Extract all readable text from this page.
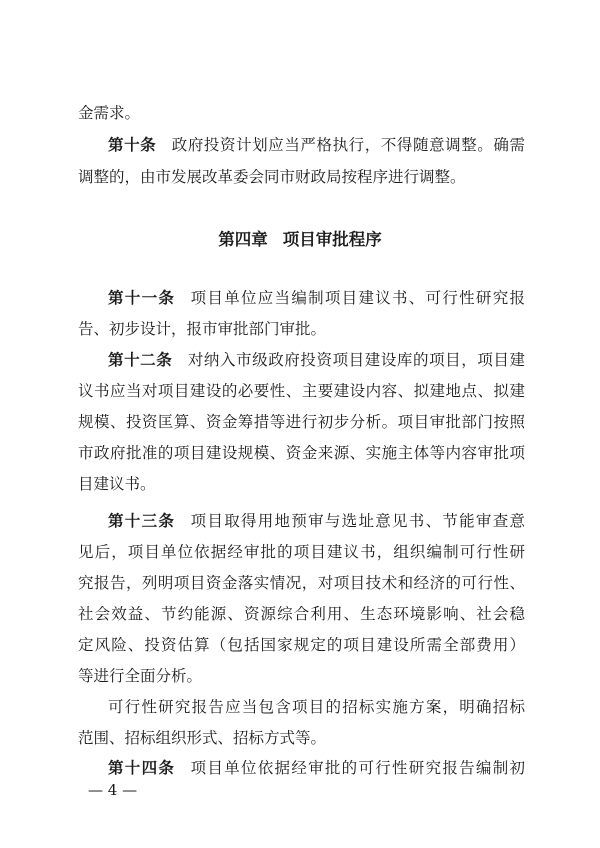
金需求。
第十条 政府投资计划应当严格执行，不得随意调整。确需
调整的，由市发展改革委会同市财政局按程序进行调整。
第四章 项目审批程序
第十一条 项目单位应当编制项目建议书、可行性研究报
告、初步设计，报市审批部门审批。
第十二条 对纳入市级政府投资项目建设库的项目，项目建
议书应当对项目建设的必要性、主要建设内容、拟建地点、拟建
规模、投资匡算、资金筹措等进行初步分析。项目审批部门按照
市政府批准的项目建设规模、资金来源、实施主体等内容审批项
目建议书。
第十三条 项目取得用地预审与选址意见书、节能审查意
见后，项目单位依据经审批的项目建议书，组织编制可行性研
究报告，列明项目资金落实情况，对项目技术和经济的可行性、
社会效益、节约能源、资源综合利用、生态环境影响、社会稳
定风险、投资估算（包括国家规定的项目建设所需全部费用）
等进行全面分析。
可行性研究报告应当包含项目的招标实施方案，明确招标
范围、招标组织形式、招标方式等。
第十四条 项目单位依据经审批的可行性研究报告编制初
— 4 —
